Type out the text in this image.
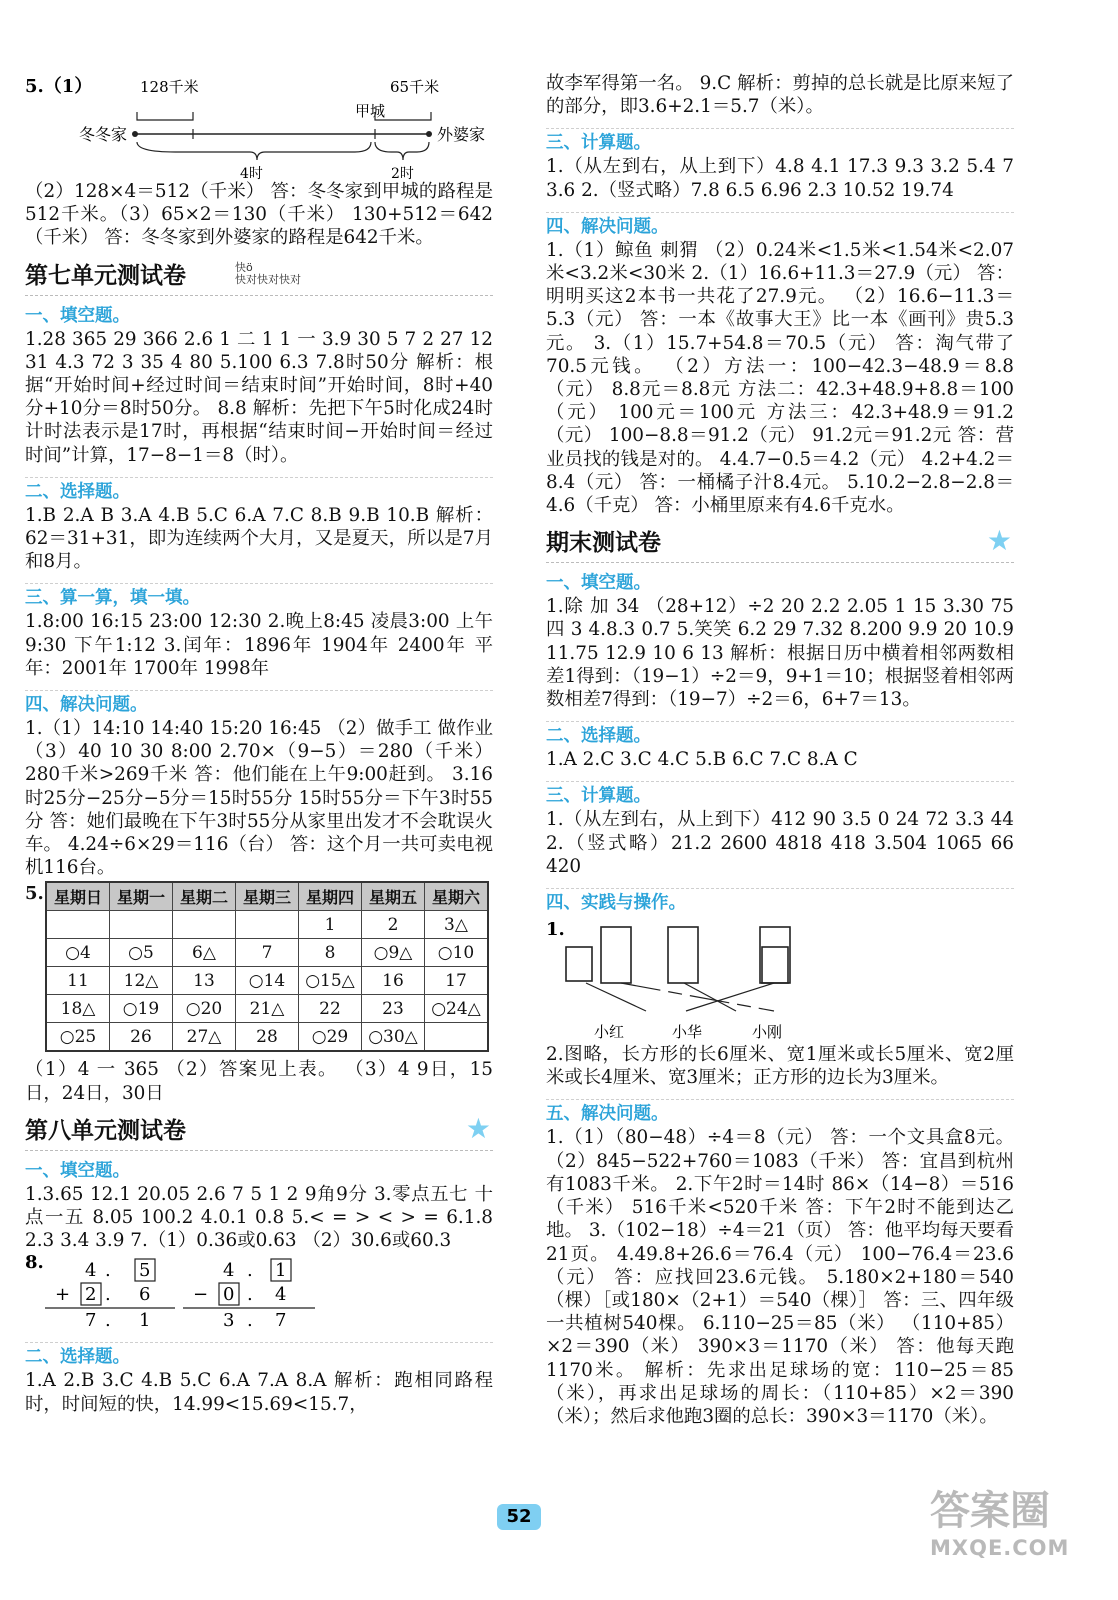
5.（1）	128千米	65千米
甲城
冬冬家	外婆家
4时	2时

（2）128×4＝512（千米） 答：冬冬家到甲城的路程是512千米。（3）65×2＝130（千米） 130+512＝642（千米） 答：冬冬家到外婆家的路程是642千米。

第七单元测试卷	快ö
快对快对快对
一、填空题。

1.28 365 29 366 2.6 1 二 1 1 一 3.9 30 5 7 2 27 12 31 4.3 72 3 35 4 80 5.100 6.3 7.8时50分 解析：根据“开始时间+经过时间＝结束时间”开始时间，8时+40分+10分＝8时50分。 8.8 解析：先把下午5时化成24时计时法表示是17时，再根据“结束时间−开始时间＝经过时间”计算，17−8−1＝8（时）。

二、选择题。

1.B 2.A B 3.A 4.B 5.C 6.A 7.C 8.B 9.B 10.B 解析：62＝31+31，即为连续两个大月，又是夏天，所以是7月和8月。

三、算一算，填一填。

1.8:00 16:15 23:00 12:30 2.晚上8:45 凌晨3:00 上午9:30 下午1:12 3.闰年：1896年 1904年 2400年 平年：2001年 1700年 1998年

四、解决问题。

1.（1）14:10 14:40 15:20 16:45 （2）做手工 做作业 （3）40 10 30 8:00 2.70×（9−5）＝280（千米） 280千米>269千米 答：他们能在上午9:00赶到。 3.16时25分−25分−5分＝15时55分 15时55分＝下午3时55分 答：她们最晚在下午3时55分从家里出发才不会耽误火车。 4.24÷6×29＝116（台） 答：这个月一共可卖电视机116台。

5. 星期日	星期一	星期二	星期三	星期四	星期五	星期六
				1	2	3△
○4	○5	6△	7	8	○9△	○10
11	12△	13	○14	○15△	16	17
18△	○19	○20	21△	22	23	○24△
○25	26	27△	28	○29	○30△	

（1）4 一 365 （2）答案见上表。 （3）4 9日，15日，24日，30日

第八单元测试卷	★
一、填空题。

1.3.65 12.1 20.05 2.6 7 5 1 2 9角9分 3.零点五七 十点一五 8.05 100.2 4.0.1 0.8 5.< = > < > = 6.1.8 2.3 3.4 3.9 7.（1）0.36或0.63 （2）30.6或60.3

8. 4 . 5
+ 2 . 6
7 . 1
4 . 1
− 0 . 4
3 . 7
二、选择题。

1.A 2.B 3.C 4.B 5.C 6.A 7.A 8.A 解析：跑相同路程时，时间短的快，14.99<15.69<15.7，

故李军得第一名。 9.C 解析：剪掉的总长就是比原来短了的部分，即3.6+2.1＝5.7（米）。

三、计算题。

1.（从左到右，从上到下）4.8 4.1 17.3 9.3 3.2 5.4 7 3.6 2.（竖式略）7.8 6.5 6.96 2.3 10.52 19.74

四、解决问题。

1.（1）鲸鱼 刺猬 （2）0.24米<1.5米<1.54米<2.07米<3.2米<30米 2.（1）16.6+11.3＝27.9（元） 答：明明买这2本书一共花了27.9元。 （2）16.6−11.3＝5.3（元） 答：一本《故事大王》比一本《画刊》贵5.3元。 3.（1）15.7+54.8＝70.5（元） 答：淘气带了70.5元钱。 （2）方法一：100−42.3−48.9＝8.8（元） 8.8元＝8.8元 方法二：42.3+48.9+8.8＝100（元） 100元＝100元 方法三：42.3+48.9＝91.2（元） 100−8.8＝91.2（元） 91.2元＝91.2元 答：营业员找的钱是对的。 4.4.7−0.5＝4.2（元） 4.2+4.2＝8.4（元） 答：一桶橘子汁8.4元。 5.10.2−2.8−2.8＝4.6（千克） 答：小桶里原来有4.6千克水。

期末测试卷	★
一、填空题。

1.除 加 34 （28+12）÷2 20 2.2 2.05 1 15 3.30 75 四 3 4.8.3 0.7 5.笑笑 6.2 29 7.32 8.200 9.9 20 10.9 11.75 12.9 10 6 13 解析：根据日历中横着相邻两数相差1得到：（19−1）÷2＝9，9+1＝10；根据竖着相邻两数相差7得到：（19−7）÷2＝6，6+7＝13。

二、选择题。

1.A 2.C 3.C 4.C 5.B 6.C 7.C 8.A C

三、计算题。

1.（从左到右，从上到下）412 90 3.5 0 24 72 3.3 44 2.（竖式略）21.2 2600 4818 418 3.504 1065 66 420

四、实践与操作。
1.
小红	小华	小刚

2.图略，长方形的长6厘米、宽1厘米或长5厘米、宽2厘米或长4厘米、宽3厘米；正方形的边长为3厘米。

五、解决问题。

1.（1）（80−48）÷4＝8（元） 答：一个文具盒8元。 （2）845−522+760＝1083（千米） 答：宜昌到杭州有1083千米。 2.下午2时＝14时 86×（14−8）＝516（千米） 516千米<520千米 答：下午2时不能到达乙地。 3.（102−18）÷4＝21（页） 答：他平均每天要看21页。 4.49.8+26.6＝76.4（元） 100−76.4＝23.6（元） 答：应找回23.6元钱。 5.180×2+180＝540（棵）［或180×（2+1）＝540（棵）］ 答：三、四年级一共植树540棵。 6.110−25＝85（米） （110+85）×2＝390（米） 390×3＝1170（米） 答：他每天跑1170米。 解析：先求出足球场的宽：110−25＝85（米），再求出足球场的周长：（110+85）×2＝390（米）；然后求他跑3圈的总长：390×3＝1170（米）。

52	答案圈
MXQE.COM
